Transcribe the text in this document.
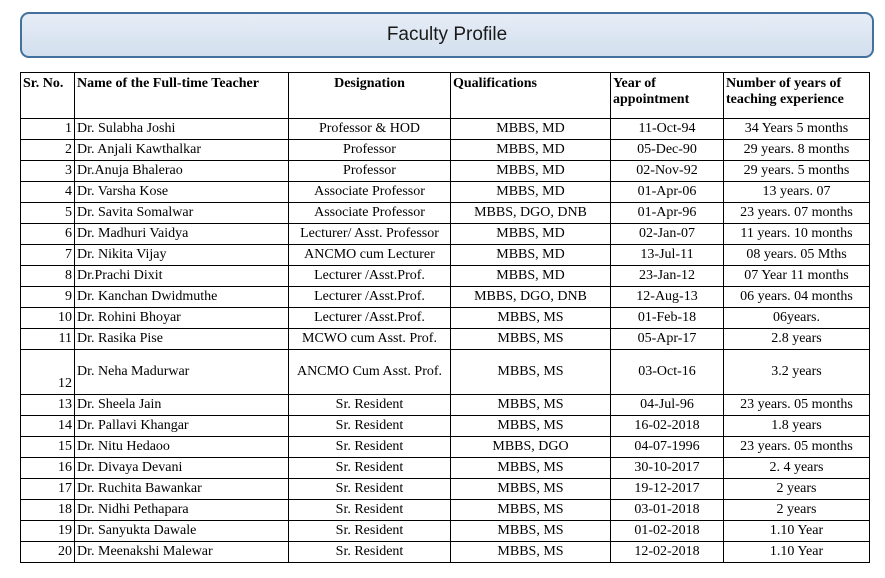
Faculty Profile
Sr. No.	Name of the Full-time Teacher	Designation	Qualifications	Year of appointment	Number of years of teaching experience
1	Dr. Sulabha Joshi	Professor & HOD	MBBS, MD	11-Oct-94	34 Years 5 months
2	Dr. Anjali Kawthalkar	Professor	MBBS, MD	05-Dec-90	29 years. 8 months
3	Dr.Anuja Bhalerao	Professor	MBBS, MD	02-Nov-92	29 years. 5 months
4	Dr. Varsha Kose	Associate Professor	MBBS, MD	01-Apr-06	13 years. 07
5	Dr. Savita Somalwar	Associate Professor	MBBS, DGO, DNB	01-Apr-96	23 years. 07 months
6	Dr. Madhuri Vaidya	Lecturer/ Asst. Professor	MBBS, MD	02-Jan-07	11 years. 10 months
7	Dr. Nikita Vijay	ANCMO cum Lecturer	MBBS, MD	13-Jul-11	08 years. 05 Mths
8	Dr.Prachi Dixit	Lecturer /Asst.Prof.	MBBS, MD	23-Jan-12	07 Year 11 months
9	Dr. Kanchan Dwidmuthe	Lecturer /Asst.Prof.	MBBS, DGO, DNB	12-Aug-13	06 years. 04 months
10	Dr. Rohini Bhoyar	Lecturer /Asst.Prof.	MBBS, MS	01-Feb-18	06years.
11	Dr. Rasika Pise	MCWO cum Asst. Prof.	MBBS, MS	05-Apr-17	2.8 years
12	Dr. Neha Madurwar	ANCMO Cum Asst. Prof.	MBBS, MS	03-Oct-16	3.2 years
13	Dr. Sheela Jain	Sr. Resident	MBBS, MS	04-Jul-96	23 years. 05 months
14	Dr. Pallavi Khangar	Sr. Resident	MBBS, MS	16-02-2018	1.8 years
15	Dr. Nitu Hedaoo	Sr. Resident	MBBS, DGO	04-07-1996	23 years. 05 months
16	Dr. Divaya Devani	Sr. Resident	MBBS, MS	30-10-2017	2. 4 years
17	Dr. Ruchita Bawankar	Sr. Resident	MBBS, MS	19-12-2017	2 years
18	Dr. Nidhi Pethapara	Sr. Resident	MBBS, MS	03-01-2018	2 years
19	Dr. Sanyukta Dawale	Sr. Resident	MBBS, MS	01-02-2018	1.10 Year
20	Dr. Meenakshi Malewar	Sr. Resident	MBBS, MS	12-02-2018	1.10 Year
